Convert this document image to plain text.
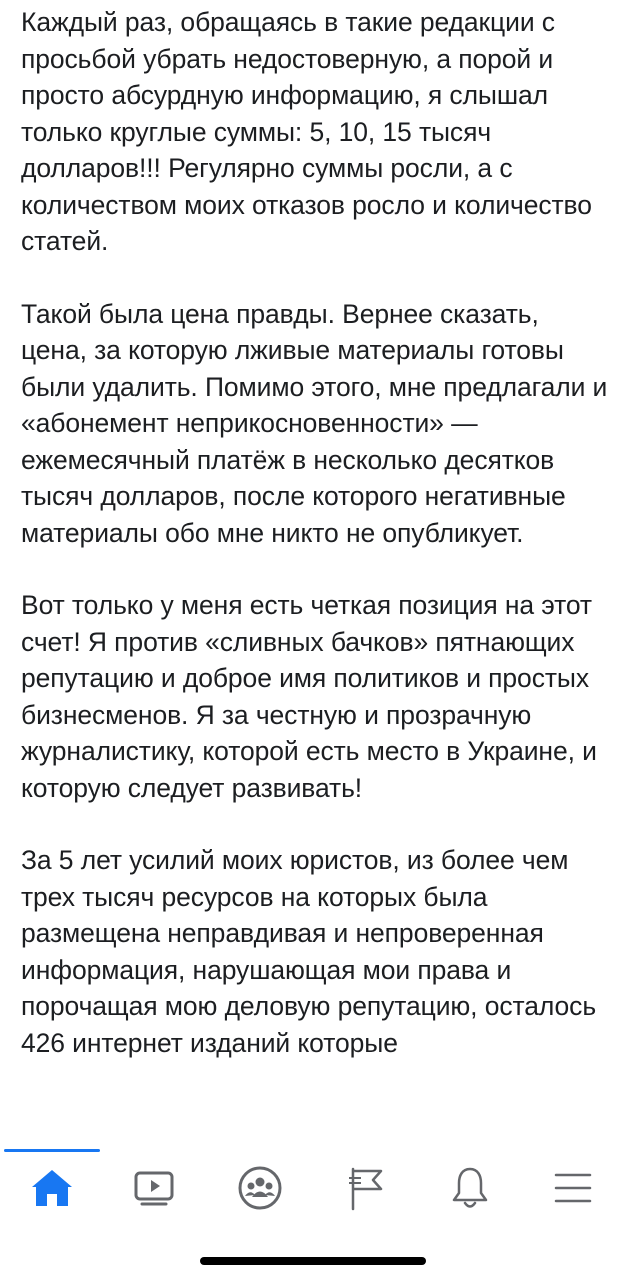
Каждый раз, обращаясь в такие редакции с просьбой убрать недостоверную, а порой и просто абсурдную информацию, я слышал только круглые суммы: 5, 10, 15 тысяч долларов!!! Регулярно суммы росли, а с количеством моих отказов росло и количество статей.

Такой была цена правды. Вернее сказать, цена, за которую лживые материалы готовы были удалить. Помимо этого, мне предлагали и «абонемент неприкосновенности» — ежемесячный платёж в несколько десятков тысяч долларов, после которого негативные материалы обо мне никто не опубликует.

Вот только у меня есть четкая позиция на этот счет! Я против «сливных бачков» пятнающих репутацию и доброе имя политиков и простых бизнесменов. Я за честную и прозрачную журналистику, которой есть место в Украине, и которую следует развивать!

За 5 лет усилий моих юристов, из более чем трех тысяч ресурсов на которых была размещена неправдивая и непроверенная информация, нарушающая мои права и порочащая мою деловую репутацию, осталось 426 интернет изданий которые
